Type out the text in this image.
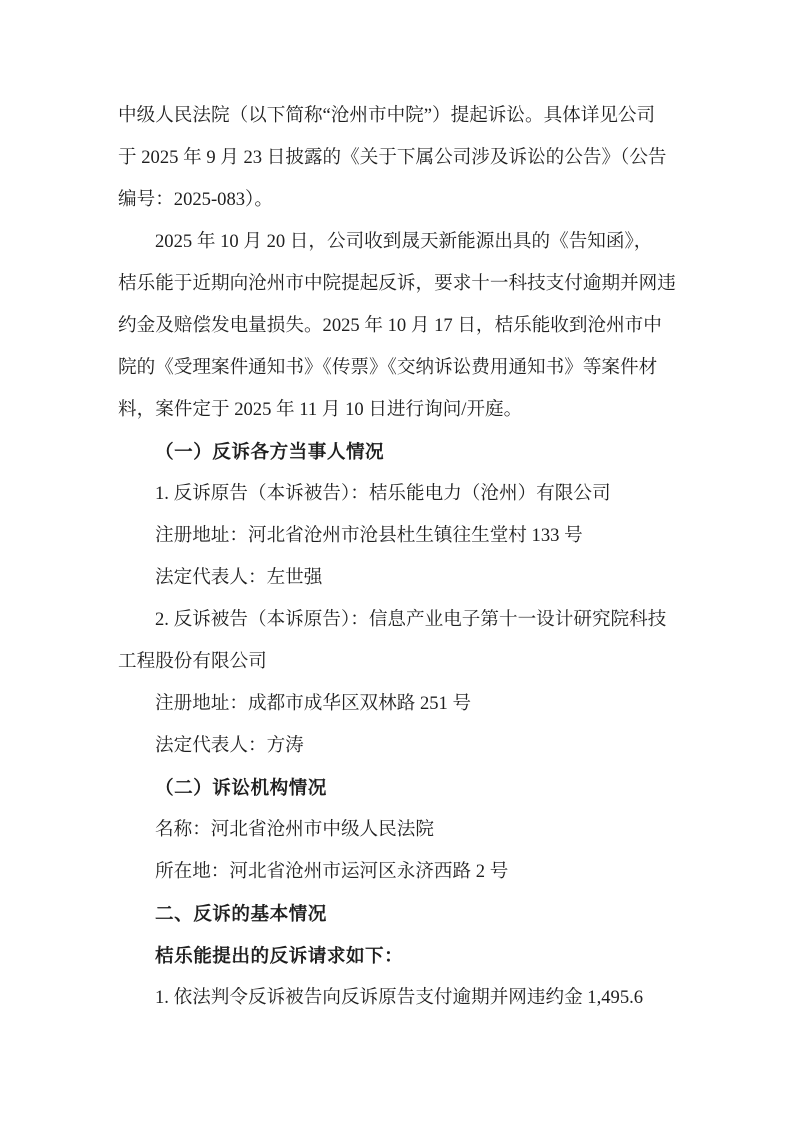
中级人民法院（以下简称“沧州市中院”）提起诉讼。具体详见公司
于 2025 年 9 月 23 日披露的《关于下属公司涉及诉讼的公告》（公告
编号：2025-083）。
2025 年 10 月 20 日，公司收到晟天新能源出具的《告知函》，
桔乐能于近期向沧州市中院提起反诉，要求十一科技支付逾期并网违
约金及赔偿发电量损失。2025 年 10 月 17 日，桔乐能收到沧州市中
院的《受理案件通知书》《传票》《交纳诉讼费用通知书》等案件材
料，案件定于 2025 年 11 月 10 日进行询问/开庭。
（一）反诉各方当事人情况
1. 反诉原告（本诉被告）：桔乐能电力（沧州）有限公司
注册地址：河北省沧州市沧县杜生镇往生堂村 133 号
法定代表人：左世强
2. 反诉被告（本诉原告）：信息产业电子第十一设计研究院科技
工程股份有限公司
注册地址：成都市成华区双林路 251 号
法定代表人：方涛
（二）诉讼机构情况
名称：河北省沧州市中级人民法院
所在地：河北省沧州市运河区永济西路 2 号
二、反诉的基本情况
桔乐能提出的反诉请求如下：
1. 依法判令反诉被告向反诉原告支付逾期并网违约金 1,495.6
